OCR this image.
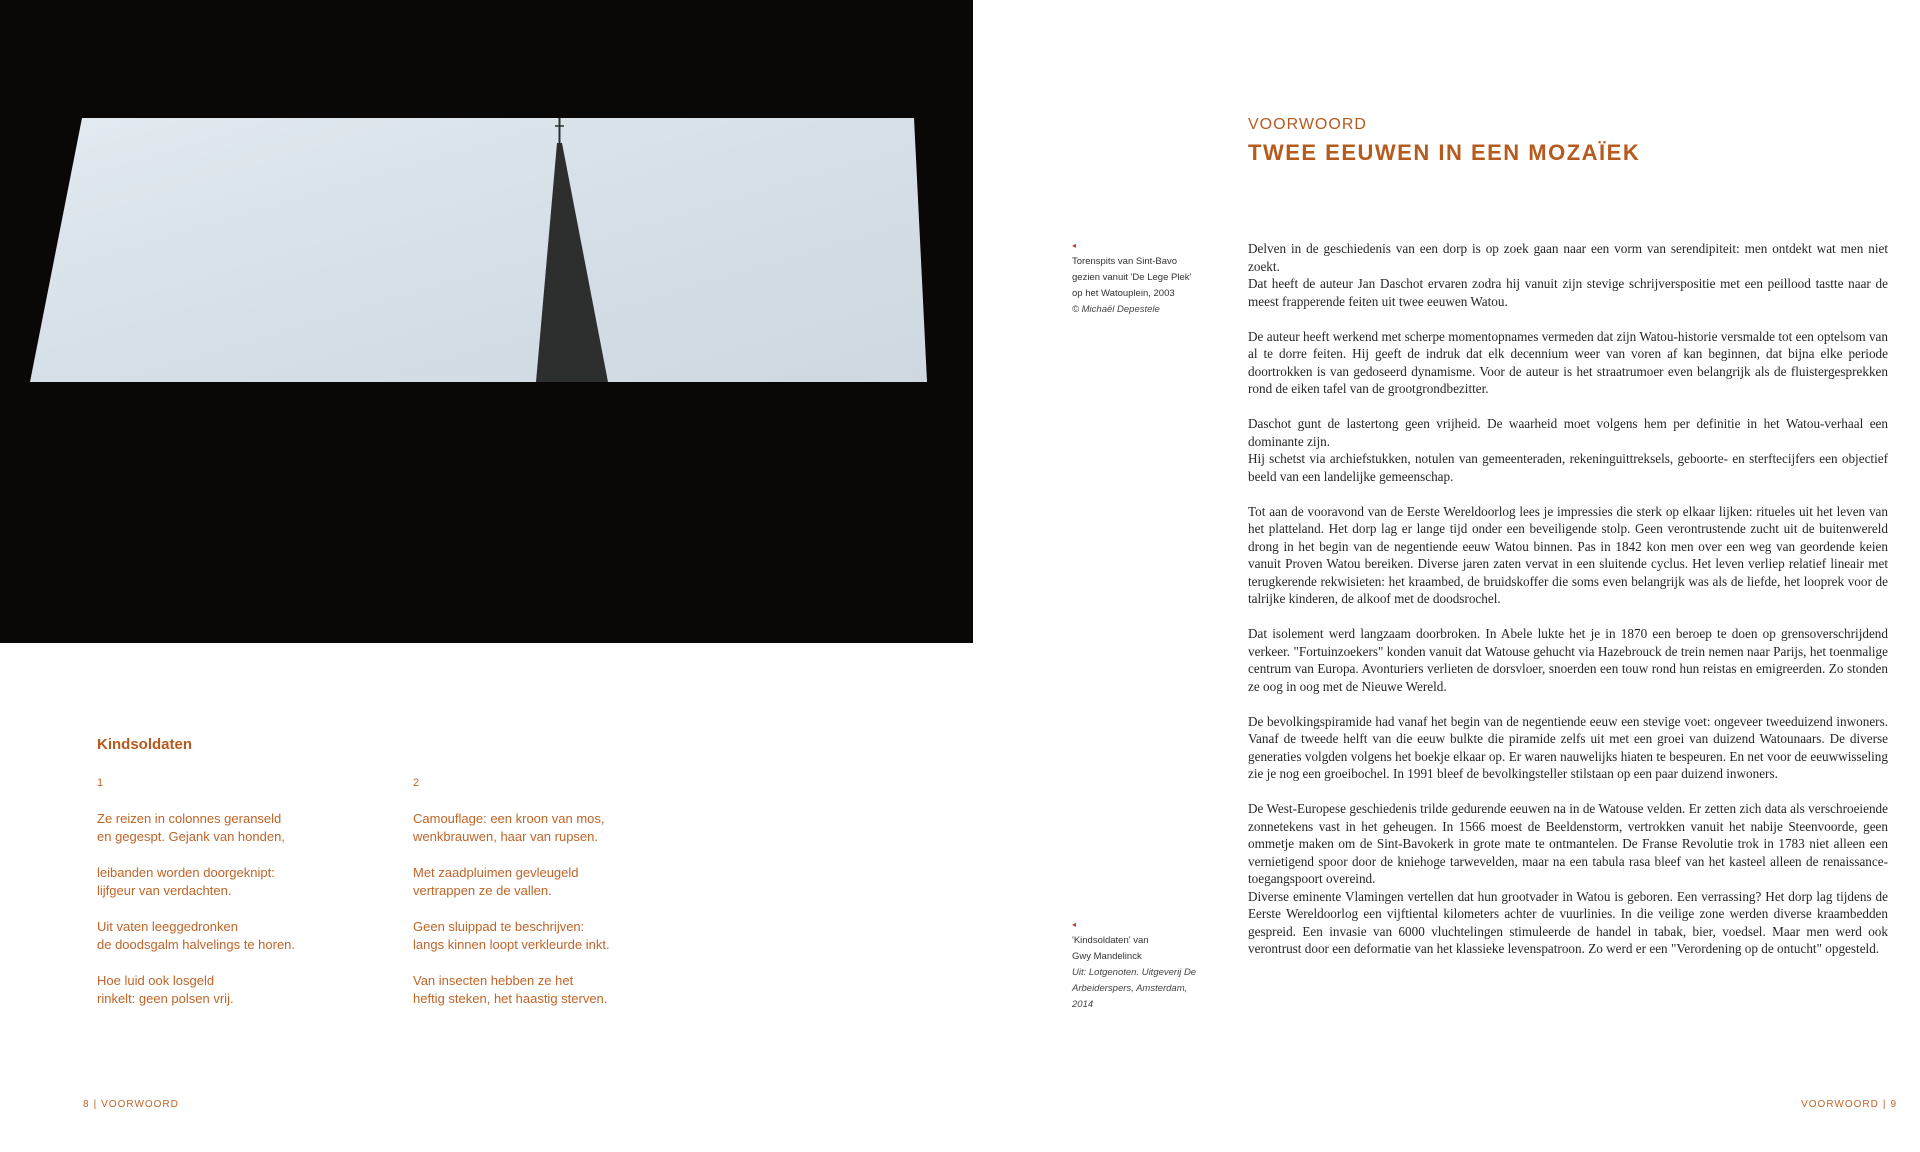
Kindsoldaten

1

Ze reizen in colonnes geranseld
en gegespt. Gejank van honden,
leibanden worden doorgeknipt:
lijfgeur van verdachten.
Uit vaten leeggedronken
de doodsgalm halvelings te horen.
Hoe luid ook losgeld
rinkelt: geen polsen vrij.

2

Camouflage: een kroon van mos,
wenkbrauwen, haar van rupsen.
Met zaadpluimen gevleugeld
vertrappen ze de vallen.
Geen sluippad te beschrijven:
langs kinnen loopt verkleurde inkt.
Van insecten hebben ze het
heftig steken, het haastig sterven.
8 | VOORWOORD
VOORWOORD
TWEE EEUWEN IN EEN MOZAÏEK
◂
Torenspits van Sint-Bavo
gezien vanuit 'De Lege Plek'
op het Watouplein, 2003
© Michaël Depestele
◂
'Kindsoldaten' van
Gwy Mandelinck
Uit: Lotgenoten. Uitgeverij De
Arbeiderspers, Amsterdam, 2014

Delven in de geschiedenis van een dorp is op zoek gaan naar een vorm van serendipiteit: men ontdekt wat men niet zoekt.

Dat heeft de auteur Jan Daschot ervaren zodra hij vanuit zijn stevige schrijverspositie met een peillood tastte naar de meest frapperende feiten uit twee eeuwen Watou.

De auteur heeft werkend met scherpe momentopnames vermeden dat zijn Watou-historie versmalde tot een optelsom van al te dorre feiten. Hij geeft de indruk dat elk decennium weer van voren af kan beginnen, dat bijna elke periode doortrokken is van gedoseerd dynamisme. Voor de auteur is het straatrumoer even belangrijk als de fluistergesprekken rond de eiken tafel van de grootgrondbezitter.

Daschot gunt de lastertong geen vrijheid. De waarheid moet volgens hem per definitie in het Watou-verhaal een dominante zijn.

Hij schetst via archiefstukken, notulen van gemeenteraden, rekeninguittreksels, geboorte- en sterftecijfers een objectief beeld van een landelijke gemeenschap.

Tot aan de vooravond van de Eerste Wereldoorlog lees je impressies die sterk op elkaar lijken: ritueles uit het leven van het platteland. Het dorp lag er lange tijd onder een beveiligende stolp. Geen verontrustende zucht uit de buitenwereld drong in het begin van de negentiende eeuw Watou binnen. Pas in 1842 kon men over een weg van geordende keien vanuit Proven Watou bereiken. Diverse jaren zaten vervat in een sluitende cyclus. Het leven verliep relatief lineair met terugkerende rekwisieten: het kraambed, de bruidskoffer die soms even belangrijk was als de liefde, het looprek voor de talrijke kinderen, de alkoof met de doodsrochel.

Dat isolement werd langzaam doorbroken. In Abele lukte het je in 1870 een beroep te doen op grensoverschrijdend verkeer. "Fortuinzoekers" konden vanuit dat Watouse gehucht via Hazebrouck de trein nemen naar Parijs, het toenmalige centrum van Europa. Avonturiers verlieten de dorsvloer, snoerden een touw rond hun reistas en emigreerden. Zo stonden ze oog in oog met de Nieuwe Wereld.

De bevolkingspiramide had vanaf het begin van de negentiende eeuw een stevige voet: ongeveer tweeduizend inwoners. Vanaf de tweede helft van die eeuw bulkte die piramide zelfs uit met een groei van duizend Watounaars. De diverse generaties volgden volgens het boekje elkaar op. Er waren nauwelijks hiaten te bespeuren. En net voor de eeuwwisseling zie je nog een groeibochel. In 1991 bleef de bevolkingsteller stilstaan op een paar duizend inwoners.

De West-Europese geschiedenis trilde gedurende eeuwen na in de Watouse velden. Er zetten zich data als verschroeiende zonnetekens vast in het geheugen. In 1566 moest de Beeldenstorm, vertrokken vanuit het nabije Steenvoorde, geen ommetje maken om de Sint-Bavokerk in grote mate te ontmantelen. De Franse Revolutie trok in 1783 niet alleen een vernietigend spoor door de kniehoge tarwevelden, maar na een tabula rasa bleef van het kasteel alleen de renaissance-toegangspoort overeind.

Diverse eminente Vlamingen vertellen dat hun grootvader in Watou is geboren. Een verrassing? Het dorp lag tijdens de Eerste Wereldoorlog een vijftiental kilometers achter de vuurlinies. In die veilige zone werden diverse kraambedden gespreid. Een invasie van 6000 vluchtelingen stimuleerde de handel in tabak, bier, voedsel. Maar men werd ook verontrust door een deformatie van het klassieke levenspatroon. Zo werd er een "Verordening op de ontucht" opgesteld.

VOORWOORD | 9
